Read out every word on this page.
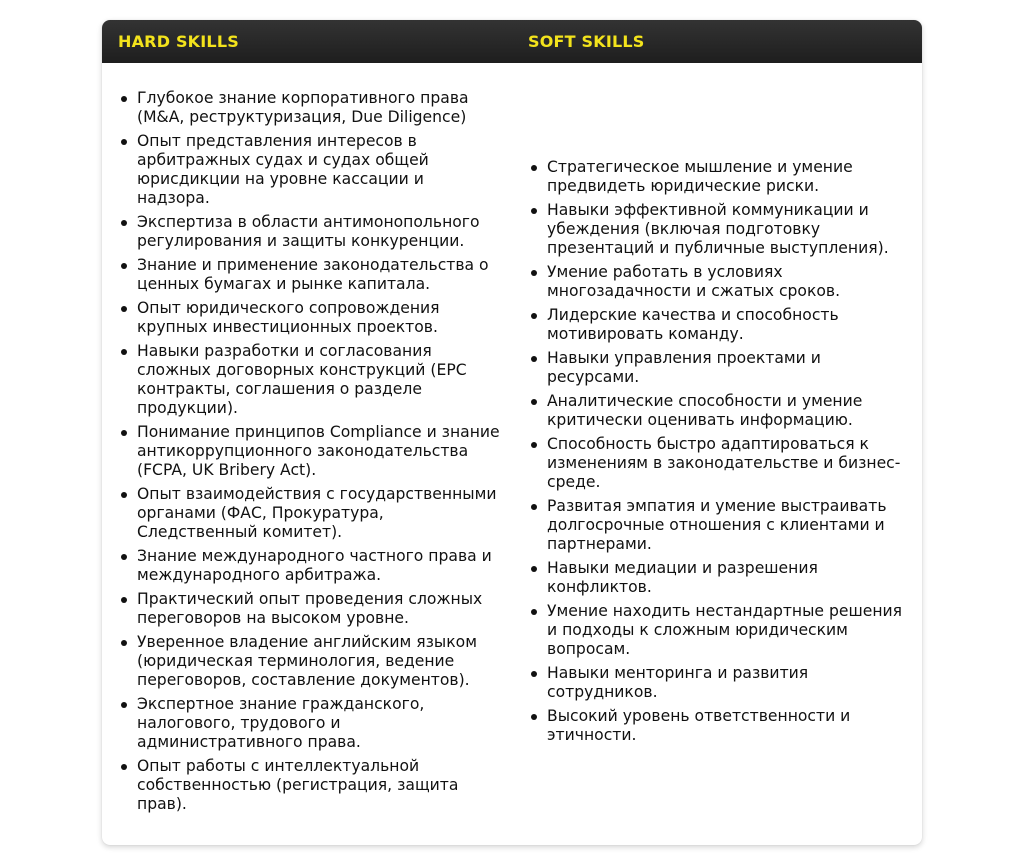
HARD SKILLS	SOFT SKILLS
Глубокое знание корпоративного права (M&A, реструктуризация, Due Diligence)
Опыт представления интересов в арбитражных судах и судах общей юрисдикции на уровне кассации и надзора.
Экспертиза в области антимонопольного регулирования и защиты конкуренции.
Знание и применение законодательства о ценных бумагах и рынке капитала.
Опыт юридического сопровождения крупных инвестиционных проектов.
Навыки разработки и согласования сложных договорных конструкций (EPC контракты, соглашения о разделе продукции).
Понимание принципов Compliance и знание антикоррупционного законодательства (FCPA, UK Bribery Act).
Опыт взаимодействия с государственными органами (ФАС, Прокуратура, Следственный комитет).
Знание международного частного права и международного арбитража.
Практический опыт проведения сложных переговоров на высоком уровне.
Уверенное владение английским языком (юридическая терминология, ведение переговоров, составление документов).
Экспертное знание гражданского, налогового, трудового и административного права.
Опыт работы с интеллектуальной собственностью (регистрация, защита прав).
Стратегическое мышление и умение предвидеть юридические риски.
Навыки эффективной коммуникации и убеждения (включая подготовку презентаций и публичные выступления).
Умение работать в условиях многозадачности и сжатых сроков.
Лидерские качества и способность мотивировать команду.
Навыки управления проектами и ресурсами.
Аналитические способности и умение критически оценивать информацию.
Способность быстро адаптироваться к изменениям в законодательстве и бизнес-среде.
Развитая эмпатия и умение выстраивать долгосрочные отношения с клиентами и партнерами.
Навыки медиации и разрешения конфликтов.
Умение находить нестандартные решения и подходы к сложным юридическим вопросам.
Навыки менторинга и развития сотрудников.
Высокий уровень ответственности и этичности.
